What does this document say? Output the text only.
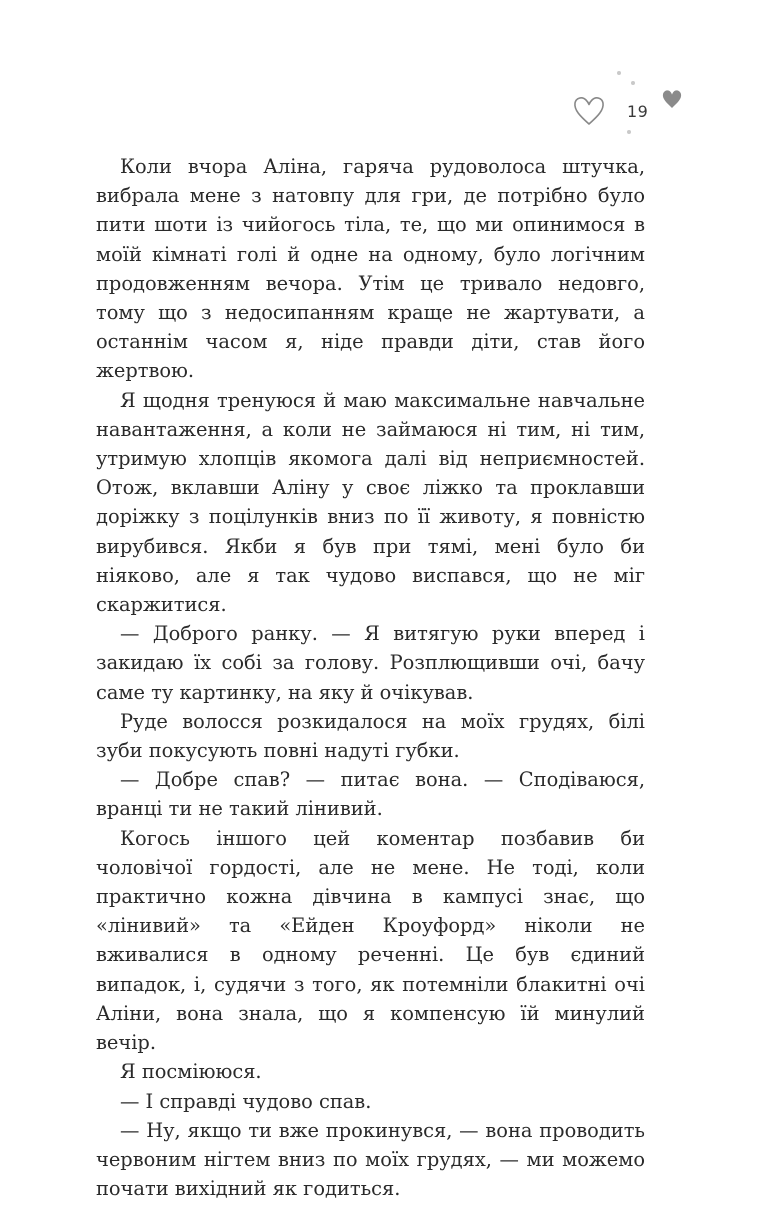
19

Коли вчора Аліна, гаряча рудоволоса штучка, вибрала мене з натовпу для гри, де потрібно було пити шоти із чийогось тіла, те, що ми опинимося в моїй кімнаті голі й одне на одному, було логічним продовженням вечора. Утім це тривало недовго, тому що з недосипанням краще не жартувати, а останнім часом я, ніде правди діти, став його жертвою.

Я щодня тренуюся й маю максимальне навчальне навантаження, а коли не займаюся ні тим, ні тим, утримую хлопців якомога далі від неприємностей. Отож, вклавши Аліну у своє ліжко та проклавши доріжку з поцілунків вниз по її животу, я повністю вирубився. Якби я був при тямі, мені було би ніяково, але я так чудово виспався, що не міг скаржитися.

— Доброго ранку. — Я витягую руки вперед і закидаю їх собі за голову. Розплющивши очі, бачу саме ту картинку, на яку й очікував.

Руде волосся розкидалося на моїх грудях, білі зуби покусують повні надуті губки.

— Добре спав? — питає вона. — Сподіваюся, вранці ти не такий лінивий.

Когось іншого цей коментар позбавив би чоловічої гордості, але не мене. Не тоді, коли практично кожна дівчина в кампусі знає, що «лінивий» та «Ейден Кроуфорд» ніколи не вживалися в одному реченні. Це був єдиний випадок, і, судячи з того, як потемніли блакитні очі Аліни, вона знала, що я компенсую їй минулий вечір.

Я посміююся.

— І справді чудово спав.

— Ну, якщо ти вже прокинувся, — вона проводить червоним нігтем вниз по моїх грудях, — ми можемо почати вихідний як годиться.
